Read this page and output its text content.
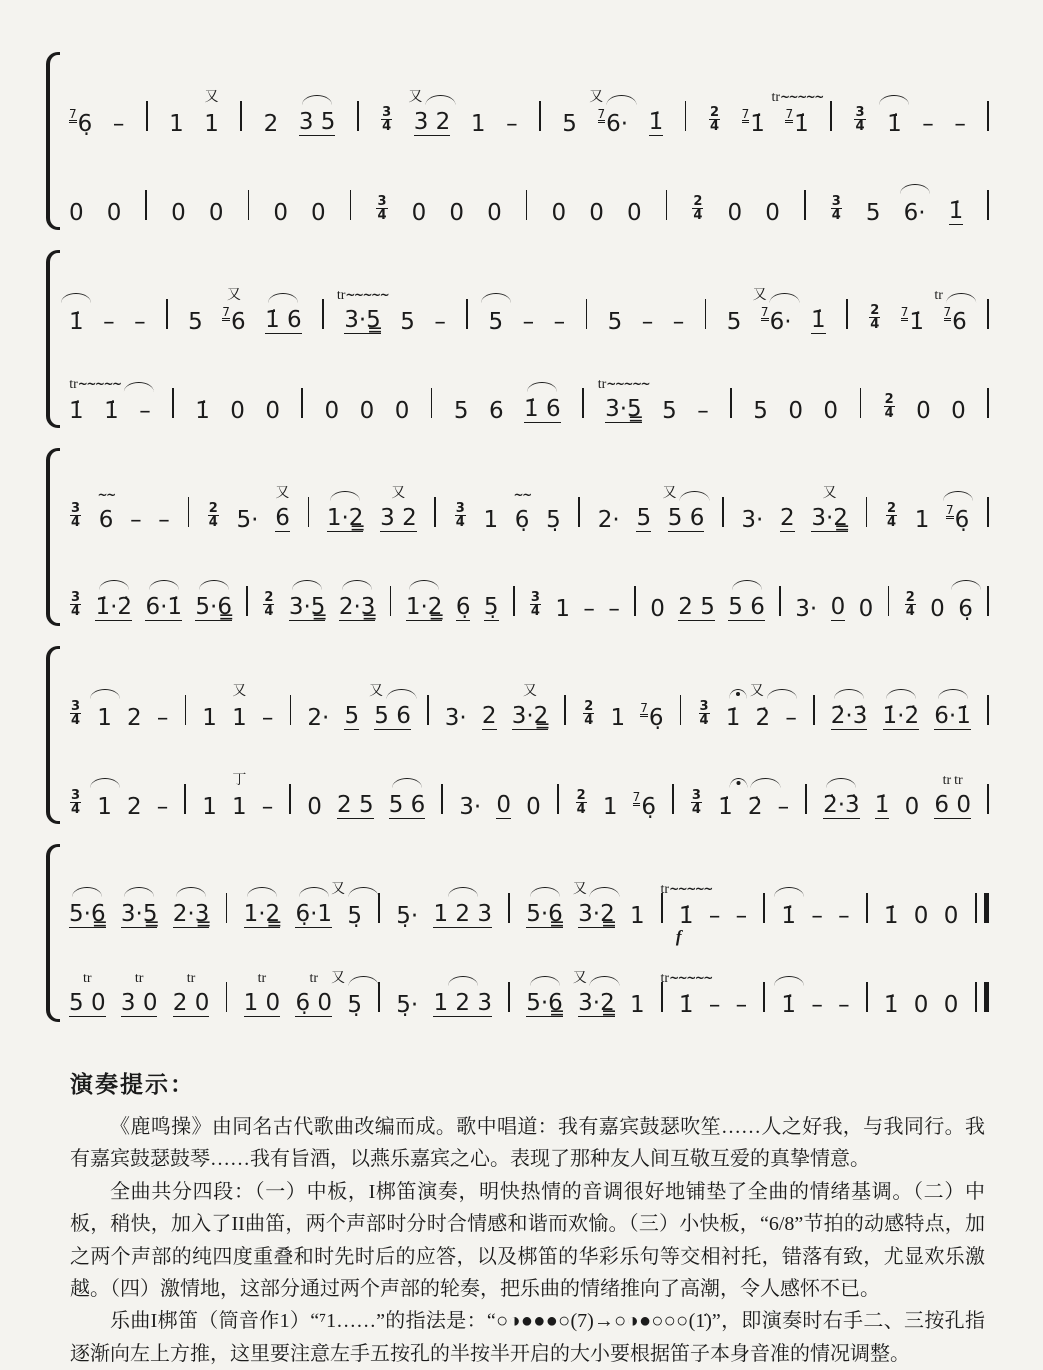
7 6̣ – 1
又
1 2 3 5	$\frac{3}{4}$
又
3 2 1 – 5
又
7 6· 1̇	$\frac{2}{4} 7$ 1̇
tr~~~~~
7 1̇	$\frac{3}{4}$ 1̇ – –
0 0 0 0 0 0	$\frac{3}{4} 0$ 0 0 0 0 0	$\frac{2}{4} 0$ 0	$\frac{3}{4} 5$ 6· 1̇
1̇ – – 5
又
7 6 1̇ 6
tr~~~~~
3·5̳ 5 – 5 – – 5 – – 5
又
7 6· 1̇	$\frac{2}{4} 7$ 1̇
tr
7 6
1̇
tr~~~~~
1̇ – 1̇ 0 0 0 0 0 5 6 1̇ 6
tr~~~~~
3·5̳ 5 – 5 0 0	$\frac{2}{4} 0$ 0
$\frac{3}{4}$
~~
6 – –	$\frac{2}{4} 5\cdot$
又
6 1·2̳
又
3 2	$\frac{3}{4} 1$
~~
6̣ 5̣ 2· 5
又
5 6 3· 2
又
3·2̳	$\frac{2}{4} 1$ 7 6̣
$\frac{3}{4}$ 1̇·2̇ 6·1̇ 5·6̳ $\frac{2}{4}$ 3·5̳ 2·3̳ 1·2̳ 6̣ 5̣ $\frac{3}{4} 1$ – – 0 2 5 5 6 3· 0 $0 \frac{2}{4} 0$ 6̣
$\frac{3}{4} 1$ 2 – 1
又
1 – 2· 5
又
5 6 3· 2
又
3·2̳	$\frac{2}{4} 1$ 7 6̣	$\frac{3}{4}$ 1̇
又
2̇ – 2̇·3̇ 1̇·2̇ 6·1̇
$\frac{3}{4} 1$ 2 – 1
丁
1 – 0 2 5 5 6 3· 0 0	$\frac{2}{4} 1$ 7 6̣	$\frac{3}{4}$ 1̇ 2̇ – 2̇·3̇ 1̇ 0
tr tr
6 0
5·6̳ 3·5̳ 2·3̳ 1·2̳ 6̣·1
又
5̣ 5̣· 1 2 3 5·6̳
又
3·2̳ 1
tr~~~~~
1̇
f
– – 1̇ – – 1̇ 0 0
tr
5 0
tr
3 0
tr
2 0
tr
1 0
tr
6̣ 0
又
5̣ 5̣· 1 2 3 5·6̳
又
3·2̳ 1
tr~~~~~
1̇ – – 1̇ – – 1̇ 0 0
演奏提示：

《鹿鸣操》由同名古代歌曲改编而成。歌中唱道：我有嘉宾鼓瑟吹笙……人之好我，与我同行。我有嘉宾鼓瑟鼓琴……我有旨酒，以燕乐嘉宾之心。表现了那种友人间互敬互爱的真挚情意。

全曲共分四段：（一）中板，I梆笛演奏，明快热情的音调很好地铺垫了全曲的情绪基调。（二）中板，稍快，加入了II曲笛，两个声部时分时合情感和谐而欢愉。（三）小快板，“6/8”节拍的动感特点，加之两个声部的纯四度重叠和时先时后的应答，以及梆笛的华彩乐句等交相衬托，错落有致，尤显欢乐激越。（四）激情地，这部分通过两个声部的轮奏，把乐曲的情绪推向了高潮，令人感怀不已。

乐曲I梆笛（筒音作1）“⁷1……”的指法是：“○◑●●●○(7)→○◑●○○○(1̇)”，即演奏时右手二、三按孔指逐渐向左上方推，这里要注意左手五按孔的半按半开启的大小要根据笛子本身音准的情况调整。
